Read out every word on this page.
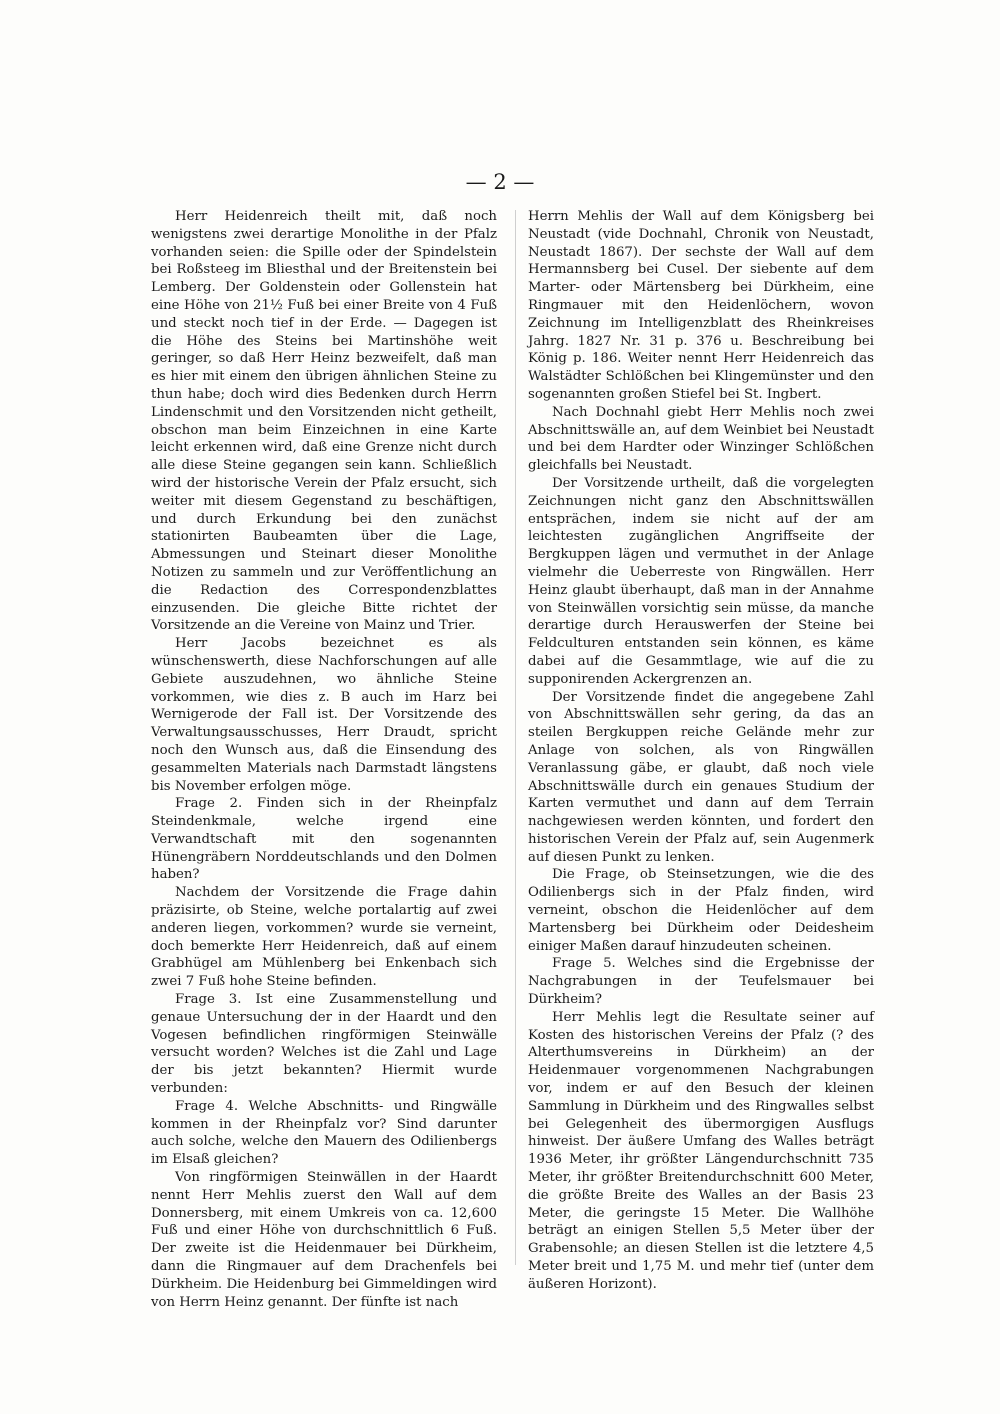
— 2 —

Herr Heidenreich theilt mit, daß noch wenigstens zwei derartige Monolithe in der Pfalz vorhanden seien: die Spille oder der Spindelstein bei Roßsteeg im Bliesthal und der Breitenstein bei Lemberg. Der Goldenstein oder Gollenstein hat eine Höhe von 21½ Fuß bei einer Breite von 4 Fuß und steckt noch tief in der Erde. — Dagegen ist die Höhe des Steins bei Martinshöhe weit geringer, so daß Herr Heinz bezweifelt, daß man es hier mit einem den übrigen ähnlichen Steine zu thun habe; doch wird dies Bedenken durch Herrn Lindenschmit und den Vorsitzenden nicht getheilt, obschon man beim Einzeichnen in eine Karte leicht erkennen wird, daß eine Grenze nicht durch alle diese Steine gegangen sein kann. Schließlich wird der historische Verein der Pfalz ersucht, sich weiter mit diesem Gegenstand zu beschäftigen, und durch Erkundung bei den zunächst stationirten Baubeamten über die Lage, Abmessungen und Steinart dieser Monolithe Notizen zu sammeln und zur Veröffentlichung an die Redaction des Correspondenzblattes einzusenden. Die gleiche Bitte richtet der Vorsitzende an die Vereine von Mainz und Trier.

Herr Jacobs bezeichnet es als wünschenswerth, diese Nachforschungen auf alle Gebiete auszudehnen, wo ähnliche Steine vorkommen, wie dies z. B auch im Harz bei Wernigerode der Fall ist. Der Vorsitzende des Verwaltungsausschusses, Herr Draudt, spricht noch den Wunsch aus, daß die Einsendung des gesammelten Materials nach Darmstadt längstens bis November erfolgen möge.

Frage 2. Finden sich in der Rheinpfalz Steindenkmale, welche irgend eine Verwandtschaft mit den sogenannten Hünengräbern Norddeutschlands und den Dolmen haben?

Nachdem der Vorsitzende die Frage dahin präzisirte, ob Steine, welche portalartig auf zwei anderen liegen, vorkommen? wurde sie verneint, doch bemerkte Herr Heidenreich, daß auf einem Grabhügel am Mühlenberg bei Enkenbach sich zwei 7 Fuß hohe Steine befinden.

Frage 3. Ist eine Zusammenstellung und genaue Untersuchung der in der Haardt und den Vogesen befindlichen ringförmigen Steinwälle versucht worden? Welches ist die Zahl und Lage der bis jetzt bekannten? Hiermit wurde verbunden:

Frage 4. Welche Abschnitts- und Ringwälle kommen in der Rheinpfalz vor? Sind darunter auch solche, welche den Mauern des Odilienbergs im Elsaß gleichen?

Von ringförmigen Steinwällen in der Haardt nennt Herr Mehlis zuerst den Wall auf dem Donnersberg, mit einem Umkreis von ca. 12,600 Fuß und einer Höhe von durchschnittlich 6 Fuß. Der zweite ist die Heidenmauer bei Dürkheim, dann die Ringmauer auf dem Drachenfels bei Dürkheim. Die Heidenburg bei Gimmeldingen wird von Herrn Heinz genannt. Der fünfte ist nach

Herrn Mehlis der Wall auf dem Königsberg bei Neustadt (vide Dochnahl, Chronik von Neustadt, Neustadt 1867). Der sechste der Wall auf dem Hermannsberg bei Cusel. Der siebente auf dem Marter- oder Märtensberg bei Dürkheim, eine Ringmauer mit den Heidenlöchern, wovon Zeichnung im Intelligenzblatt des Rheinkreises Jahrg. 1827 Nr. 31 p. 376 u. Beschreibung bei König p. 186. Weiter nennt Herr Heidenreich das Walstädter Schlößchen bei Klingemünster und den sogenannten großen Stiefel bei St. Ingbert.

Nach Dochnahl giebt Herr Mehlis noch zwei Abschnittswälle an, auf dem Weinbiet bei Neustadt und bei dem Hardter oder Winzinger Schlößchen gleichfalls bei Neustadt.

Der Vorsitzende urtheilt, daß die vorgelegten Zeichnungen nicht ganz den Abschnittswällen entsprächen, indem sie nicht auf der am leichtesten zugänglichen Angriffseite der Bergkuppen lägen und vermuthet in der Anlage vielmehr die Ueberreste von Ringwällen. Herr Heinz glaubt überhaupt, daß man in der Annahme von Steinwällen vorsichtig sein müsse, da manche derartige durch Herauswerfen der Steine bei Feldculturen entstanden sein können, es käme dabei auf die Gesammtlage, wie auf die zu supponirenden Ackergrenzen an.

Der Vorsitzende findet die angegebene Zahl von Abschnittswällen sehr gering, da das an steilen Bergkuppen reiche Gelände mehr zur Anlage von solchen, als von Ringwällen Veranlassung gäbe, er glaubt, daß noch viele Abschnittswälle durch ein genaues Studium der Karten vermuthet und dann auf dem Terrain nachgewiesen werden könnten, und fordert den historischen Verein der Pfalz auf, sein Augenmerk auf diesen Punkt zu lenken.

Die Frage, ob Steinsetzungen, wie die des Odilienbergs sich in der Pfalz finden, wird verneint, obschon die Heidenlöcher auf dem Martensberg bei Dürkheim oder Deidesheim einiger Maßen darauf hinzudeuten scheinen.

Frage 5. Welches sind die Ergebnisse der Nachgrabungen in der Teufelsmauer bei Dürkheim?

Herr Mehlis legt die Resultate seiner auf Kosten des historischen Vereins der Pfalz (? des Alterthumsvereins in Dürkheim) an der Heidenmauer vorgenommenen Nachgrabungen vor, indem er auf den Besuch der kleinen Sammlung in Dürkheim und des Ringwalles selbst bei Gelegenheit des übermorgigen Ausflugs hinweist. Der äußere Umfang des Walles beträgt 1936 Meter, ihr größter Längendurchschnitt 735 Meter, ihr größter Breitendurchschnitt 600 Meter, die größte Breite des Walles an der Basis 23 Meter, die geringste 15 Meter. Die Wallhöhe beträgt an einigen Stellen 5,5 Meter über der Grabensohle; an diesen Stellen ist die letztere 4,5 Meter breit und 1,75 M. und mehr tief (unter dem äußeren Horizont).
